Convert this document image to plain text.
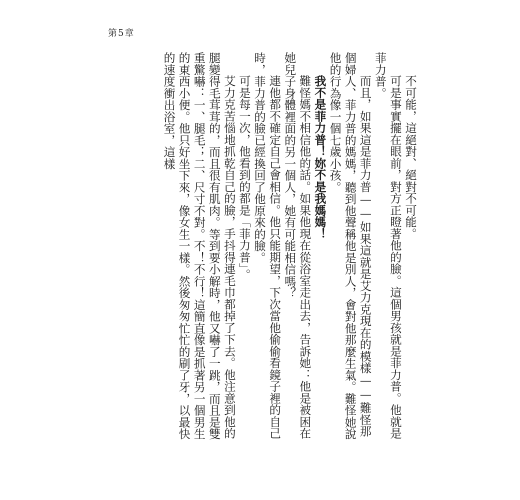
第5章

不可能，這絕對、絕對不可能。

可是事實擺在眼前，對方正瞪著他的臉。這個男孩就是菲力普。他就是菲力普。

而且，如果這是菲力普——如果這就是艾力克現在的模樣——難怪那個婦人、菲力普的媽媽，聽到他聲稱他是別人，會對他那麼生氣。難怪她說他的行為像一個七歲小孩。

我不是菲力普！妳不是我媽媽！

難怪媽不相信他的話。如果他現在從浴室走出去，告訴她：他是被困在她兒子身體裡面的另一個人，她有可能相信嗎？

連他都不確定自己會相信。他只能期望，下次當他偷偷看鏡子裡的自己時，菲力普的臉已經換回了他原來的臉。

可是每一次，他看到的都是「菲力普」。

艾力克苦惱地抓乾自己的臉，手抖得連毛巾都掉了下去。他注意到他的腿變得毛茸茸的，而且很有肌肉。等到要小解時，他又嚇了一跳，而且是雙重驚嚇：一、腿毛；二、尺寸不對。不！不行！這簡直像是抓著另一個男生的東西小便。他只好坐下來，像女生一樣。然後匆匆忙忙的刷了牙，以最快的速度衝出浴室，這樣
